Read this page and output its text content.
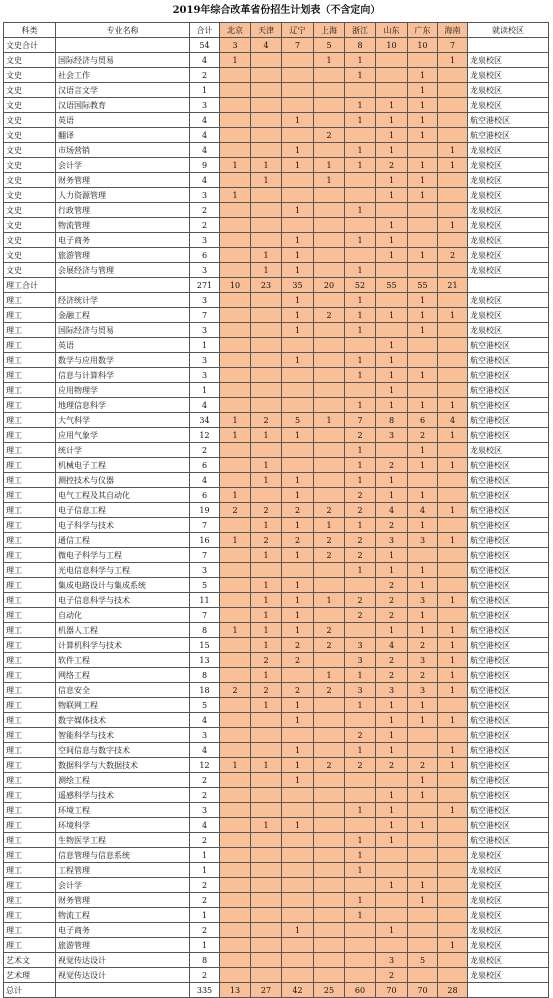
2019年综合改革省份招生计划表（不含定向）
科类	专业名称	合计	北京	天津	辽宁	上海	浙江	山东	广东	海南	就读校区
文史合计		54	3	4	7	5	8	10	10	7	
文史	国际经济与贸易	4	1			1	1			1	龙泉校区
文史	社会工作	2					1		1		龙泉校区
文史	汉语言文学	1							1		龙泉校区
文史	汉语国际教育	3					1	1	1		龙泉校区
文史	英语	4			1		1	1	1		航空港校区
文史	翻译	4				2		1	1		航空港校区
文史	市场营销	4			1		1	1		1	龙泉校区
文史	会计学	9	1	1	1	1	1	2	1	1	龙泉校区
文史	财务管理	4		1		1		1	1		龙泉校区
文史	人力资源管理	3	1					1	1		龙泉校区
文史	行政管理	2			1		1				龙泉校区
文史	物流管理	2						1		1	龙泉校区
文史	电子商务	3			1		1	1			龙泉校区
文史	旅游管理	6		1	1			1	1	2	龙泉校区
文史	会展经济与管理	3		1	1		1				龙泉校区
理工合计		271	10	23	35	20	52	55	55	21	
理工	经济统计学	3			1		1		1		龙泉校区
理工	金融工程	7			1	2	1	1	1	1	龙泉校区
理工	国际经济与贸易	3			1		1		1		龙泉校区
理工	英语	1						1			航空港校区
理工	数学与应用数学	3			1		1	1			航空港校区
理工	信息与计算科学	3					1	1	1		航空港校区
理工	应用物理学	1						1			航空港校区
理工	地理信息科学	4					1	1	1	1	航空港校区
理工	大气科学	34	1	2	5	1	7	8	6	4	航空港校区
理工	应用气象学	12	1	1	1		2	3	2	1	航空港校区
理工	统计学	2					1		1		龙泉校区
理工	机械电子工程	6		1			1	2	1	1	航空港校区
理工	测控技术与仪器	4		1	1		1	1			航空港校区
理工	电气工程及其自动化	6	1		1		2	1	1		航空港校区
理工	电子信息工程	19	2	2	2	2	2	4	4	1	航空港校区
理工	电子科学与技术	7		1	1	1	1	2	1		航空港校区
理工	通信工程	16	1	2	2	2	2	3	3	1	航空港校区
理工	微电子科学与工程	7		1	1	2	2	1			航空港校区
理工	光电信息科学与工程	3					1	1	1		航空港校区
理工	集成电路设计与集成系统	5		1	1			2	1		航空港校区
理工	电子信息科学与技术	11		1	1	1	2	2	3	1	航空港校区
理工	自动化	7		1	1		2	2	1		航空港校区
理工	机器人工程	8	1	1	1	2		1	1	1	航空港校区
理工	计算机科学与技术	15		1	2	2	3	4	2	1	航空港校区
理工	软件工程	13		2	2		3	2	3	1	航空港校区
理工	网络工程	8		1		1	1	2	2	1	航空港校区
理工	信息安全	18	2	2	2	2	3	3	3	1	航空港校区
理工	物联网工程	5		1	1		1	1	1		航空港校区
理工	数字媒体技术	4			1			1	1	1	航空港校区
理工	智能科学与技术	3					2	1			航空港校区
理工	空间信息与数字技术	4			1		1	1		1	航空港校区
理工	数据科学与大数据技术	12	1	1	1	2	2	2	2	1	航空港校区
理工	测绘工程	2			1				1		航空港校区
理工	遥感科学与技术	2						1	1		航空港校区
理工	环境工程	3					1	1		1	航空港校区
理工	环境科学	4		1	1			1	1		航空港校区
理工	生物医学工程	2					1	1			航空港校区
理工	信息管理与信息系统	1					1				龙泉校区
理工	工程管理	1					1				龙泉校区
理工	会计学	2						1	1		龙泉校区
理工	财务管理	2					1		1		龙泉校区
理工	物流工程	1					1				龙泉校区
理工	电子商务	2			1			1			龙泉校区
理工	旅游管理	1								1	龙泉校区
艺术文	视觉传达设计	8						3	5		龙泉校区
艺术理	视觉传达设计	2						2			龙泉校区
总计		335	13	27	42	25	60	70	70	28	
